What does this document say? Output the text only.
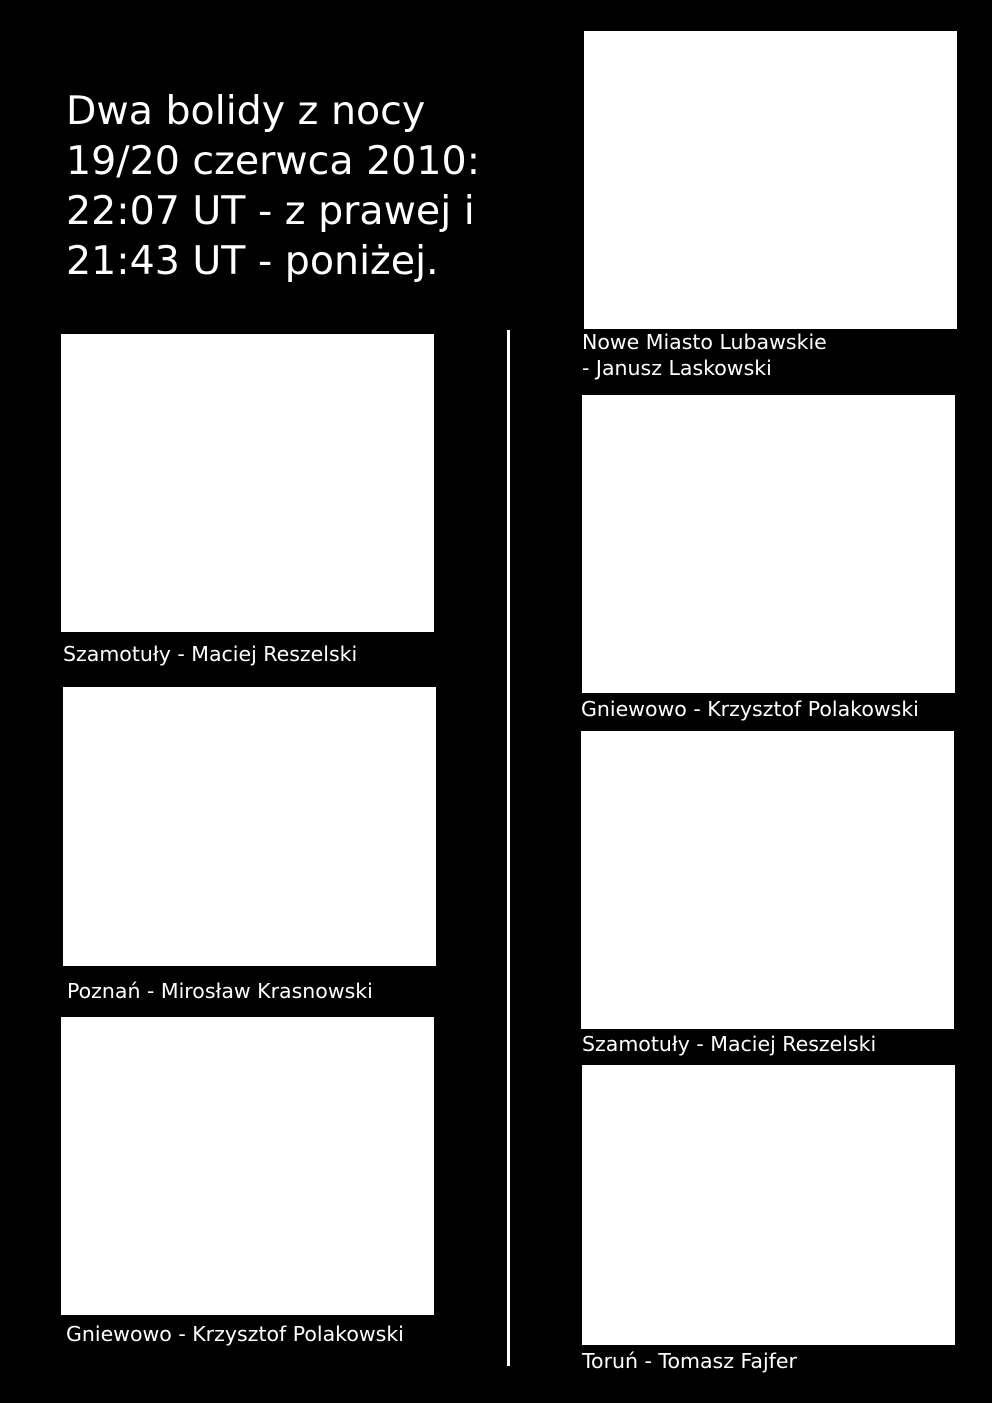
Dwa bolidy z nocy
19/20 czerwca 2010:
22:07 UT - z prawej i
21:43 UT - poniżej.
Nowe Miasto Lubawskie
- Janusz Laskowski
Szamotuły - Maciej Reszelski
Gniewowo - Krzysztof Polakowski
Poznań - Mirosław Krasnowski
Szamotuły - Maciej Reszelski
Gniewowo - Krzysztof Polakowski
Toruń - Tomasz Fajfer
